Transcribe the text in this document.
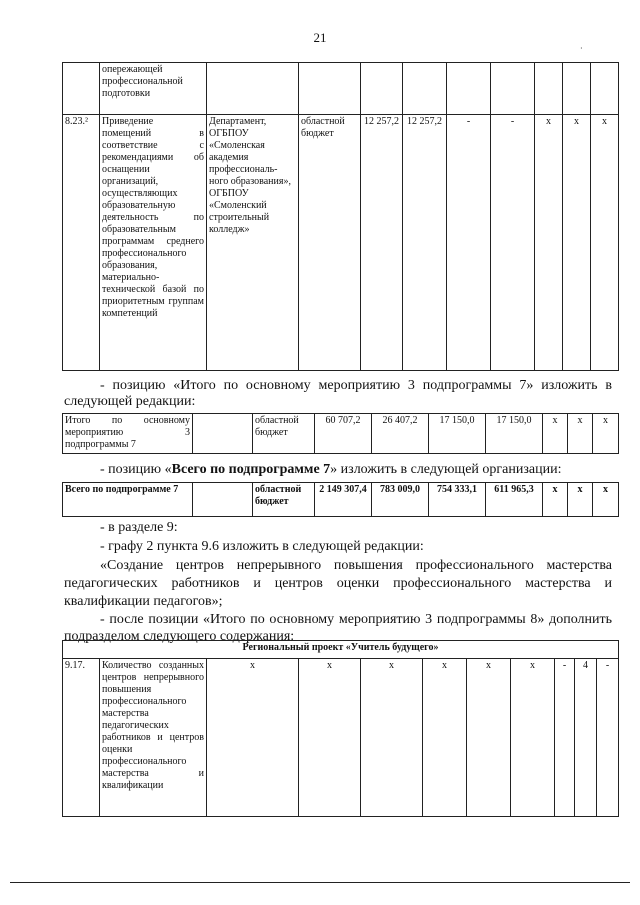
21
·
	опережающей профессиональной подготовки									
8.23.²	Приведение помещений в соответствие с рекомендациями об оснащении организаций, осуществляющих образовательную деятельность по образовательным программам среднего профессионального образования, материально-технической базой по приоритетным группам компетенций	Департамент, ОГБПОУ «Смоленская академия профессиональ-ного образования», ОГБПОУ «Смоленский строительный колледж»	областной бюджет	12 257,2	12 257,2	-	-	x	x	x
- позицию «Итого по основному мероприятию 3 подпрограммы 7» изложить в следующей редакции:
Итого по основному мероприятию 3 подпрограммы 7		областной бюджет	60 707,2	26 407,2	17 150,0	17 150,0	x	x	x
- позицию «Всего по подпрограмме 7» изложить в следующей организации:
Всего по подпрограмме 7		областной бюджет	2 149 307,4	783 009,0	754 333,1	611 965,3	x	x	x
- в разделе 9:
- графу 2 пункта 9.6 изложить в следующей редакции:
«Создание центров непрерывного повышения профессионального мастерства педагогических работников и центров оценки профессионального мастерства и квалификации педагогов»;
- после позиции «Итого по основному мероприятию 3 подпрограммы 8» дополнить подразделом следующего содержания:
Региональный проект «Учитель будущего»
9.17.	Количество созданных центров непрерывного повышения профессионального мастерства педагогических работников и центров оценки профессионального мастерства и квалификации	x	x	x	x	x	x	-	4	-
